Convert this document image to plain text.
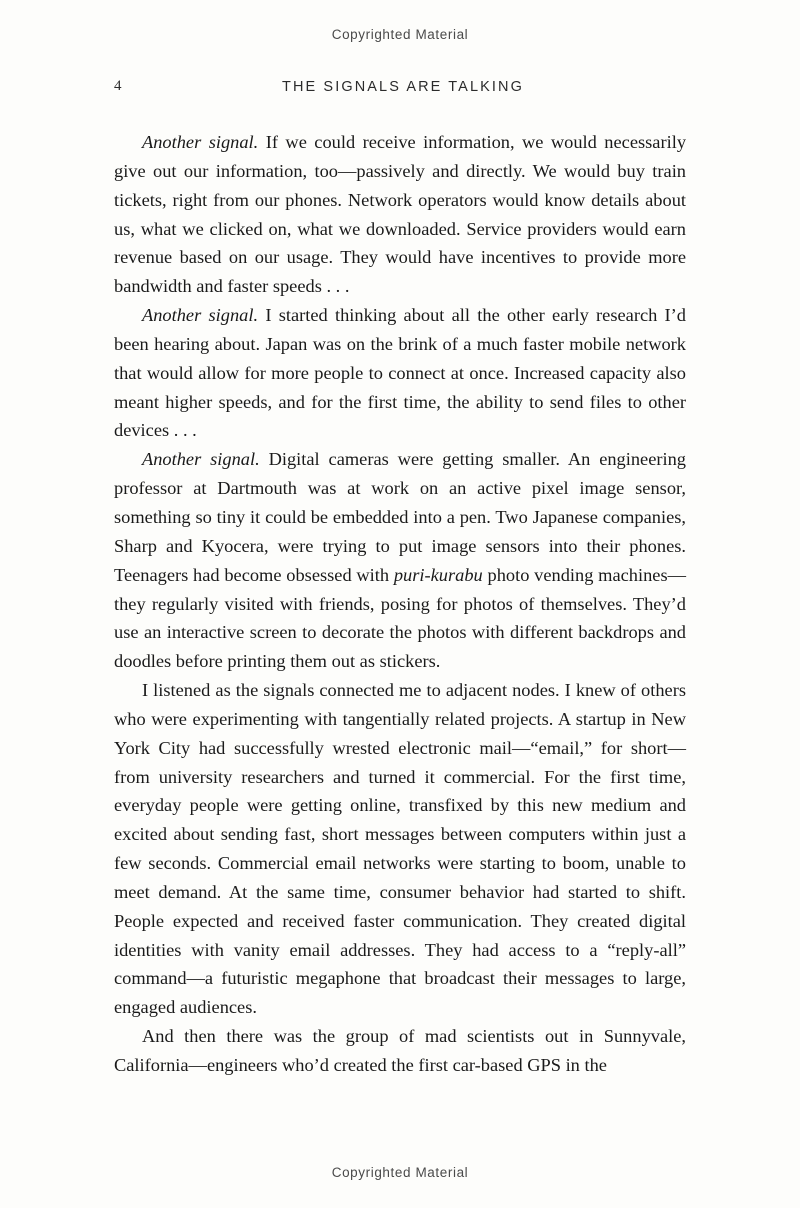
Copyrighted Material
4	THE SIGNALS ARE TALKING

Another signal. If we could receive information, we would necessarily give out our information, too—passively and directly. We would buy train tickets, right from our phones. Network operators would know details about us, what we clicked on, what we downloaded. Service providers would earn revenue based on our usage. They would have incentives to provide more bandwidth and faster speeds . . .

Another signal. I started thinking about all the other early research I’d been hearing about. Japan was on the brink of a much faster mobile network that would allow for more people to connect at once. Increased capacity also meant higher speeds, and for the first time, the ability to send files to other devices . . .

Another signal. Digital cameras were getting smaller. An engineering professor at Dartmouth was at work on an active pixel image sensor, something so tiny it could be embedded into a pen. Two Japanese companies, Sharp and Kyocera, were trying to put image sensors into their phones. Teenagers had become obsessed with puri-kurabu photo vending machines—they regularly visited with friends, posing for photos of themselves. They’d use an interactive screen to decorate the photos with different backdrops and doodles before printing them out as stickers.

I listened as the signals connected me to adjacent nodes. I knew of others who were experimenting with tangentially related projects. A startup in New York City had successfully wrested electronic mail—“email,” for short—from university researchers and turned it commercial. For the first time, everyday people were getting online, transfixed by this new medium and excited about sending fast, short messages between computers within just a few seconds. Commercial email networks were starting to boom, unable to meet demand. At the same time, consumer behavior had started to shift. People expected and received faster communication. They created digital identities with vanity email addresses. They had access to a “reply-all” command—a futuristic megaphone that broadcast their messages to large, engaged audiences.

And then there was the group of mad scientists out in Sunnyvale, California—engineers who’d created the first car-based GPS in the

Copyrighted Material
